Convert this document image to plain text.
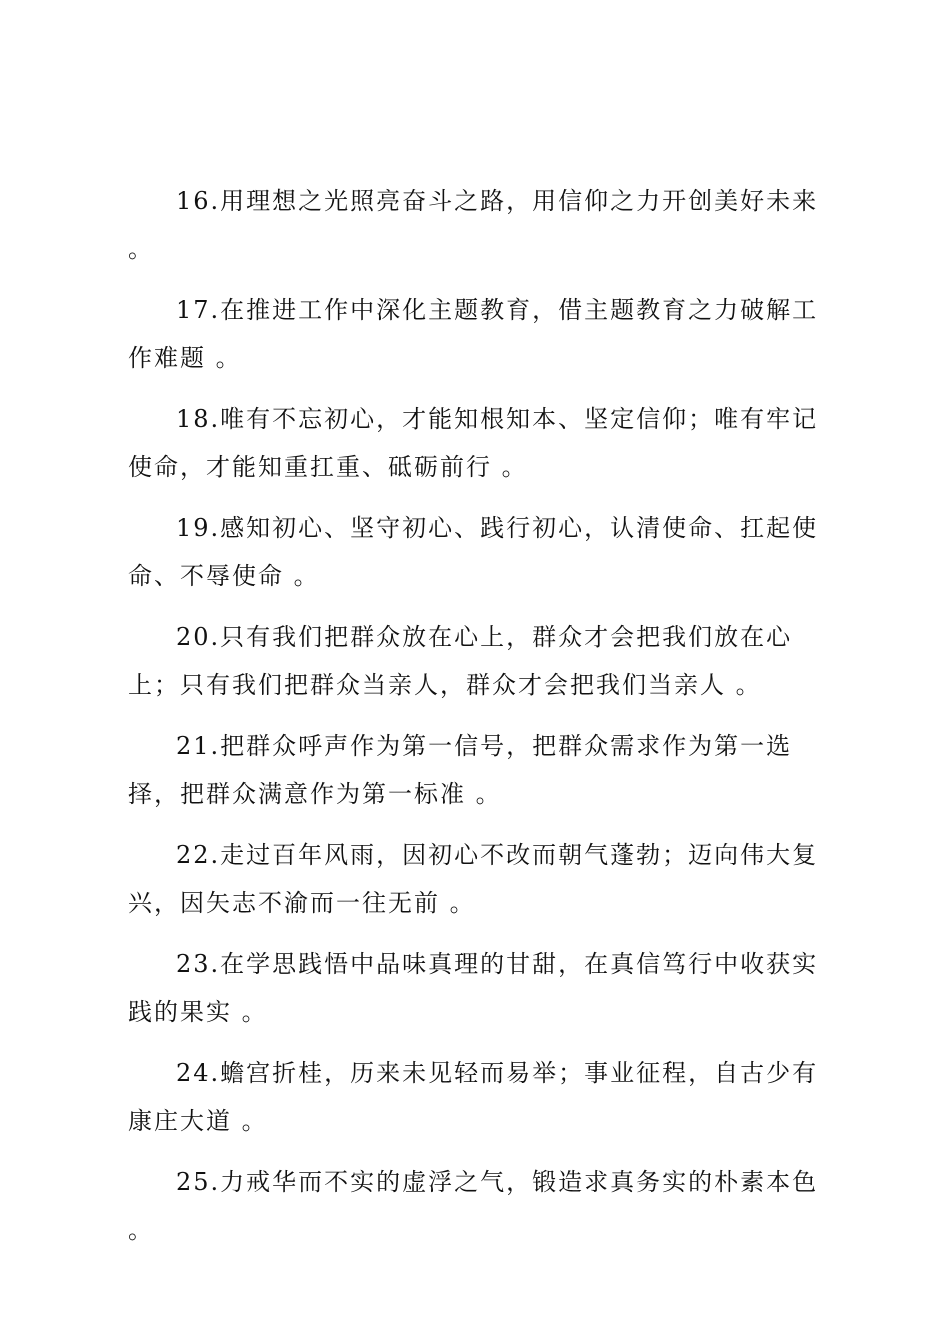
16.用理想之光照亮奋斗之路，用信仰之力开创美好未来 。

17.在推进工作中深化主题教育，借主题教育之力破解工作难题 。

18.唯有不忘初心，才能知根知本、坚定信仰；唯有牢记使命，才能知重扛重、砥砺前行 。

19.感知初心、坚守初心、践行初心，认清使命、扛起使命、不辱使命 。

20.只有我们把群众放在心上，群众才会把我们放在心上；只有我们把群众当亲人，群众才会把我们当亲人 。

21.把群众呼声作为第一信号，把群众需求作为第一选择，把群众满意作为第一标准 。

22.走过百年风雨，因初心不改而朝气蓬勃；迈向伟大复兴，因矢志不渝而一往无前 。

23.在学思践悟中品味真理的甘甜，在真信笃行中收获实践的果实 。

24.蟾宫折桂，历来未见轻而易举；事业征程，自古少有康庄大道 。

25.力戒华而不实的虚浮之气，锻造求真务实的朴素本色 。
